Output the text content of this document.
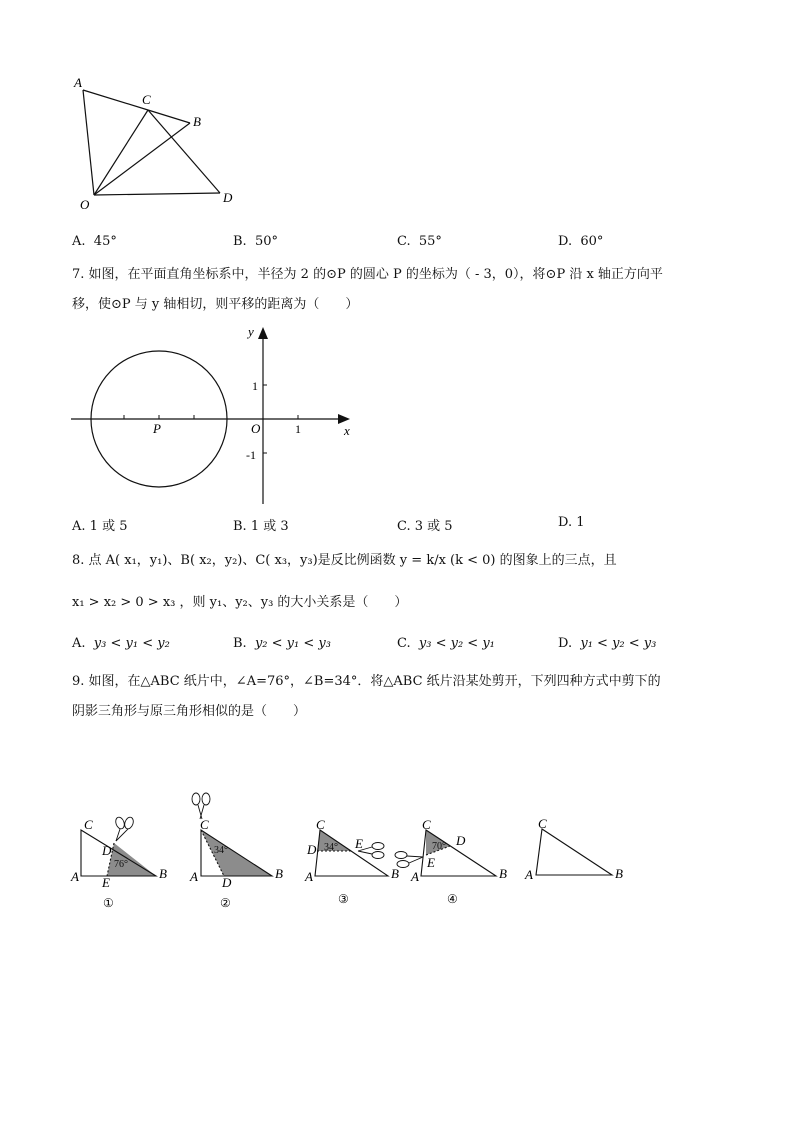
A
C
B
O	D
A. 45°	B. 50°	C. 55°	D. 60°
7. 如图，在平面直角坐标系中，半径为 2 的⊙P 的圆心 P 的坐标为（ - 3，0），将⊙P 沿 x 轴正方向平
移，使⊙P 与 y 轴相切，则平移的距离为（　　）
y
x
O
P
1
-1
1
A. 1 或 5	B. 1 或 3	C. 3 或 5	D. 1
8. 点 A( x₁，y₁)、B( x₂，y₂)、C( x₃，y₃)是反比例函数 y = k/x (k < 0) 的图象上的三点，且
x₁ > x₂ > 0 > x₃ ，则 y₁、y₂、y₃ 的大小关系是（　　）
A. y₃ < y₁ < y₂	B. y₂ < y₁ < y₃	C. y₃ < y₂ < y₁	D. y₁ < y₂ < y₃
9. 如图，在△ABC 纸片中，∠A=76°，∠B=34°．将△ABC 纸片沿某处剪开，下列四种方式中剪下的
阴影三角形与原三角形相似的是（　　）
C
D
A	B
E
76°
①
C
A	B
D
34°
②
C
D	E
A	B
34°
③
C
D
E
A	B
70°
④
C
A	B
